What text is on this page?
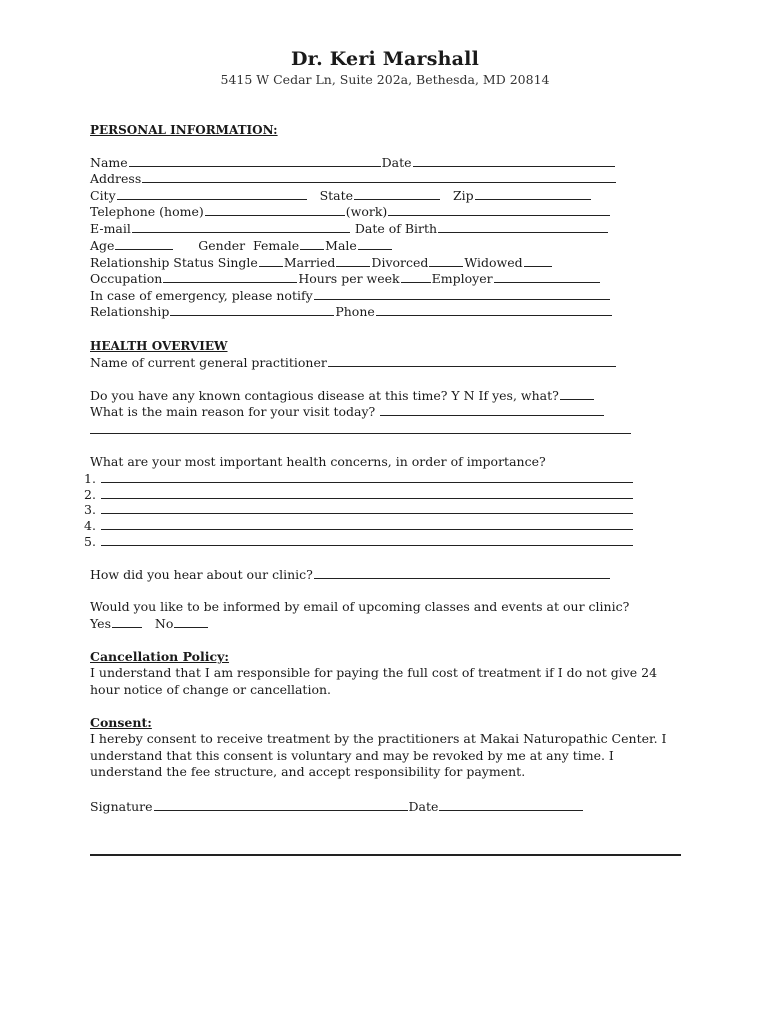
Dr. Keri Marshall
5415 W Cedar Ln, Suite 202a, Bethesda, MD 20814
PERSONAL INFORMATION:
Name	Date
Address
City	State	Zip
Telephone (home)	(work)
E-mail	Date of Birth
Age	Gender Female Male
Relationship Status Single Married	Divorced	Widowed
Occupation	Hours per week	Employer
In case of emergency, please notify
Relationship	Phone
HEALTH OVERVIEW
Name of current general practitioner
Do you have any known contagious disease at this time? Y N If yes, what?
What is the main reason for your visit today?
What are your most important health concerns, in order of importance?
1.
2.
3.
4.
5.
How did you hear about our clinic?
Would you like to be informed by email of upcoming classes and events at our clinic?
Yes	No
Cancellation Policy:
I understand that I am responsible for paying the full cost of treatment if I do not give 24 hour notice of change or cancellation.
Consent:
I hereby consent to receive treatment by the practitioners at Makai Naturopathic Center. I understand that this consent is voluntary and may be revoked by me at any time. I understand the fee structure, and accept responsibility for payment.
Signature	Date
